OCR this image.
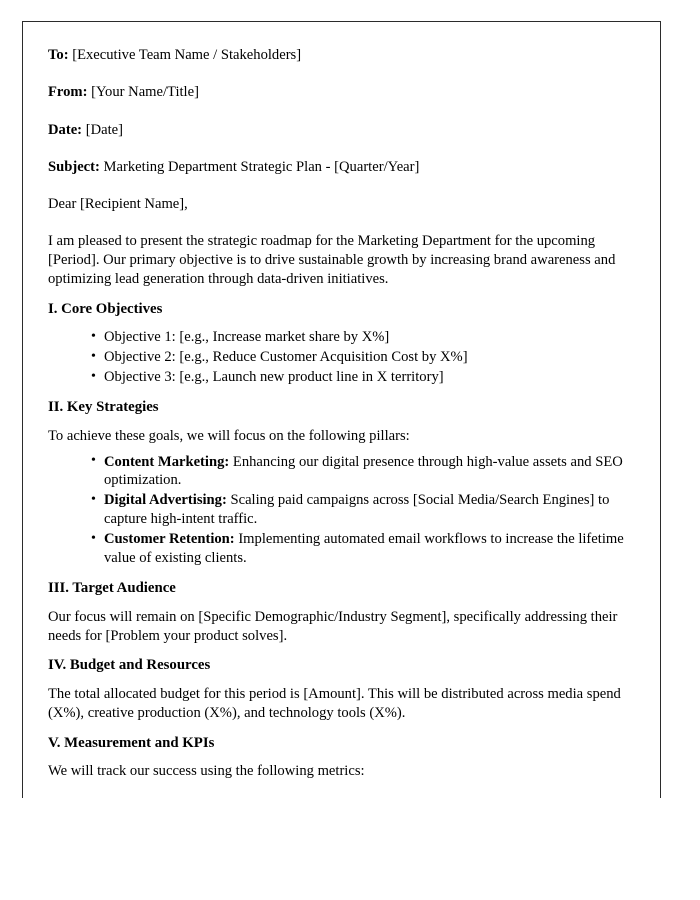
To: [Executive Team Name / Stakeholders]

From: [Your Name/Title]

Date: [Date]

Subject: Marketing Department Strategic Plan - [Quarter/Year]

Dear [Recipient Name],

I am pleased to present the strategic roadmap for the Marketing Department for the upcoming [Period]. Our primary objective is to drive sustainable growth by increasing brand awareness and optimizing lead generation through data-driven initiatives.

I. Core Objectives
• Objective 1: [e.g., Increase market share by X%]
• Objective 2: [e.g., Reduce Customer Acquisition Cost by X%]
• Objective 3: [e.g., Launch new product line in X territory]
II. Key Strategies

To achieve these goals, we will focus on the following pillars:

• Content Marketing: Enhancing our digital presence through high-value assets and SEO optimization.
• Digital Advertising: Scaling paid campaigns across [Social Media/Search Engines] to capture high-intent traffic.
• Customer Retention: Implementing automated email workflows to increase the lifetime value of existing clients.
III. Target Audience

Our focus will remain on [Specific Demographic/Industry Segment], specifically addressing their needs for [Problem your product solves].

IV. Budget and Resources

The total allocated budget for this period is [Amount]. This will be distributed across media spend (X%), creative production (X%), and technology tools (X%).

V. Measurement and KPIs

We will track our success using the following metrics:
